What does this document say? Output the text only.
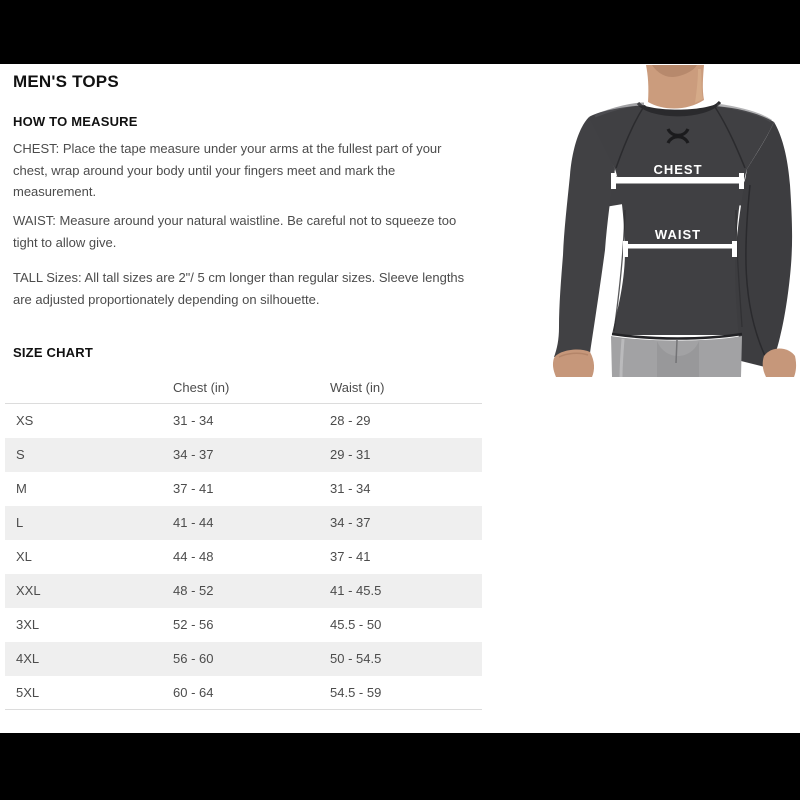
MEN'S TOPS
HOW TO MEASURE

CHEST: Place the tape measure under your arms at the fullest part of your chest, wrap around your body until your fingers meet and mark the measurement.

WAIST: Measure around your natural waistline. Be careful not to squeeze too tight to allow give.

TALL Sizes: All tall sizes are 2"/ 5 cm longer than regular sizes. Sleeve lengths are adjusted proportionately depending on silhouette.

SIZE CHART
	Chest (in)	Waist (in)
XS	31 - 34	28 - 29
S	34 - 37	29 - 31
M	37 - 41	31 - 34
L	41 - 44	34 - 37
XL	44 - 48	37 - 41
XXL	48 - 52	41 - 45.5
3XL	52 - 56	45.5 - 50
4XL	56 - 60	50 - 54.5
5XL	60 - 64	54.5 - 59
CHEST
WAIST
